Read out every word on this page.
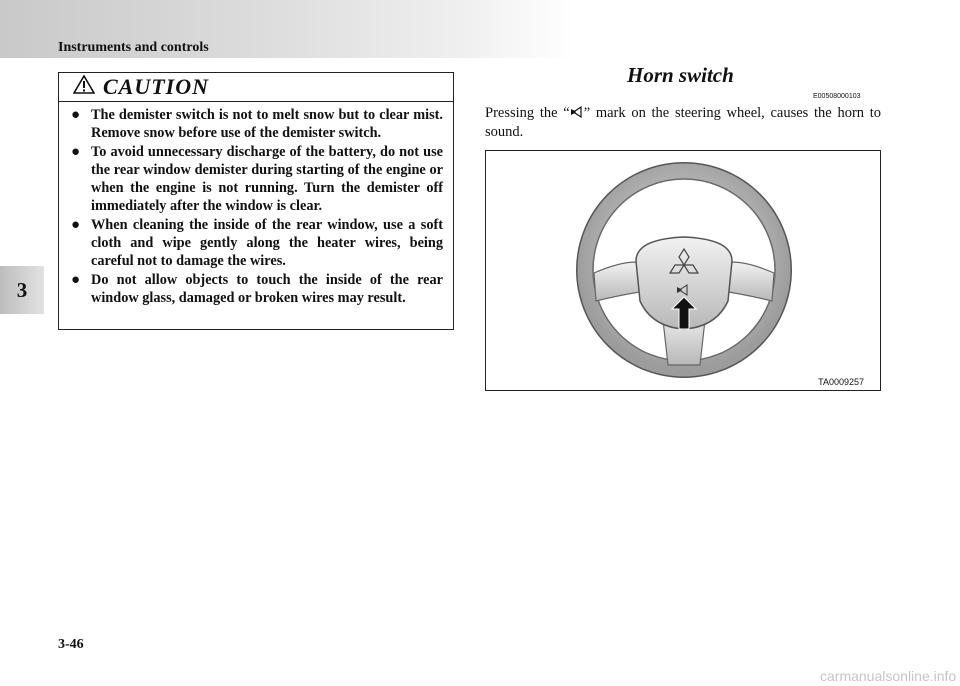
Instruments and controls
3
CAUTION
● The demister switch is not to melt snow but to clear mist. Remove snow before use of the demister switch.
● To avoid unnecessary discharge of the battery, do not use the rear window demister during starting of the engine or when the engine is not running. Turn the demister off immediately after the window is clear.
● When cleaning the inside of the rear window, use a soft cloth and wipe gently along the heater wires, being careful not to damage the wires.
● Do not allow objects to touch the inside of the rear window glass, damaged or broken wires may result.
Horn switch
E00508000103
Pressing the “ ” mark on the steering wheel, causes the horn to sound.
TA0009257
3-46
carmanualsonline.info
